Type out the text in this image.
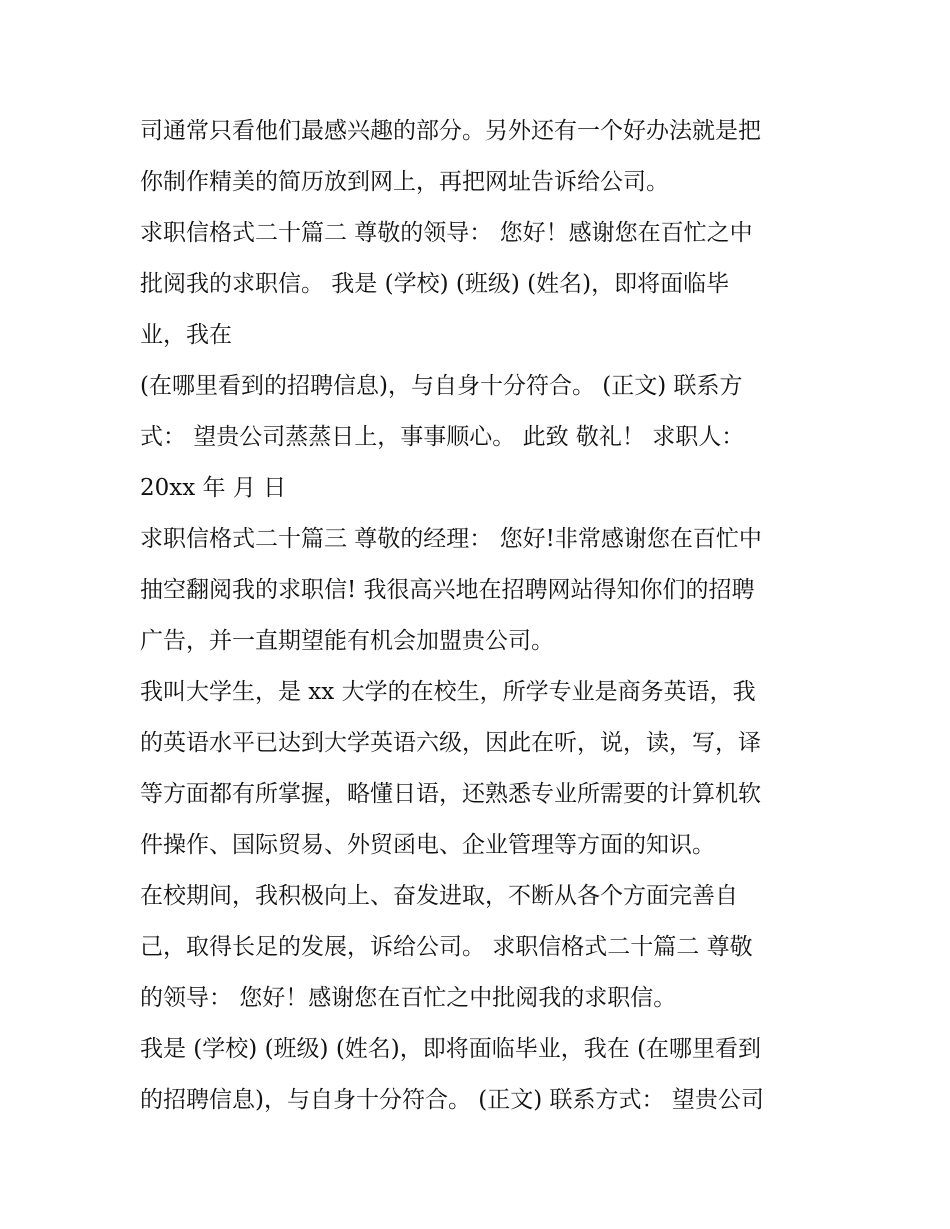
司通常只看他们最感兴趣的部分。另外还有一个好办法就是把
你制作精美的简历放到网上，再把网址告诉给公司。
求职信格式二十篇二 尊敬的领导： 您好！感谢您在百忙之中
批阅我的求职信。 我是 (学校) (班级) (姓名)，即将面临毕
业，我在
(在哪里看到的招聘信息)，与自身十分符合。 (正文) 联系方
式： 望贵公司蒸蒸日上，事事顺心。 此致 敬礼！ 求职人：
20xx 年 月 日
求职信格式二十篇三 尊敬的经理： 您好!非常感谢您在百忙中
抽空翻阅我的求职信! 我很高兴地在招聘网站得知你们的招聘
广告，并一直期望能有机会加盟贵公司。
我叫大学生，是 xx 大学的在校生，所学专业是商务英语，我
的英语水平已达到大学英语六级，因此在听，说，读，写，译
等方面都有所掌握，略懂日语，还熟悉专业所需要的计算机软
件操作、国际贸易、外贸函电、企业管理等方面的知识。
在校期间，我积极向上、奋发进取，不断从各个方面完善自
己，取得长足的发展，诉给公司。 求职信格式二十篇二 尊敬
的领导： 您好！感谢您在百忙之中批阅我的求职信。
我是 (学校) (班级) (姓名)，即将面临毕业，我在 (在哪里看到
的招聘信息)，与自身十分符合。 (正文) 联系方式： 望贵公司
